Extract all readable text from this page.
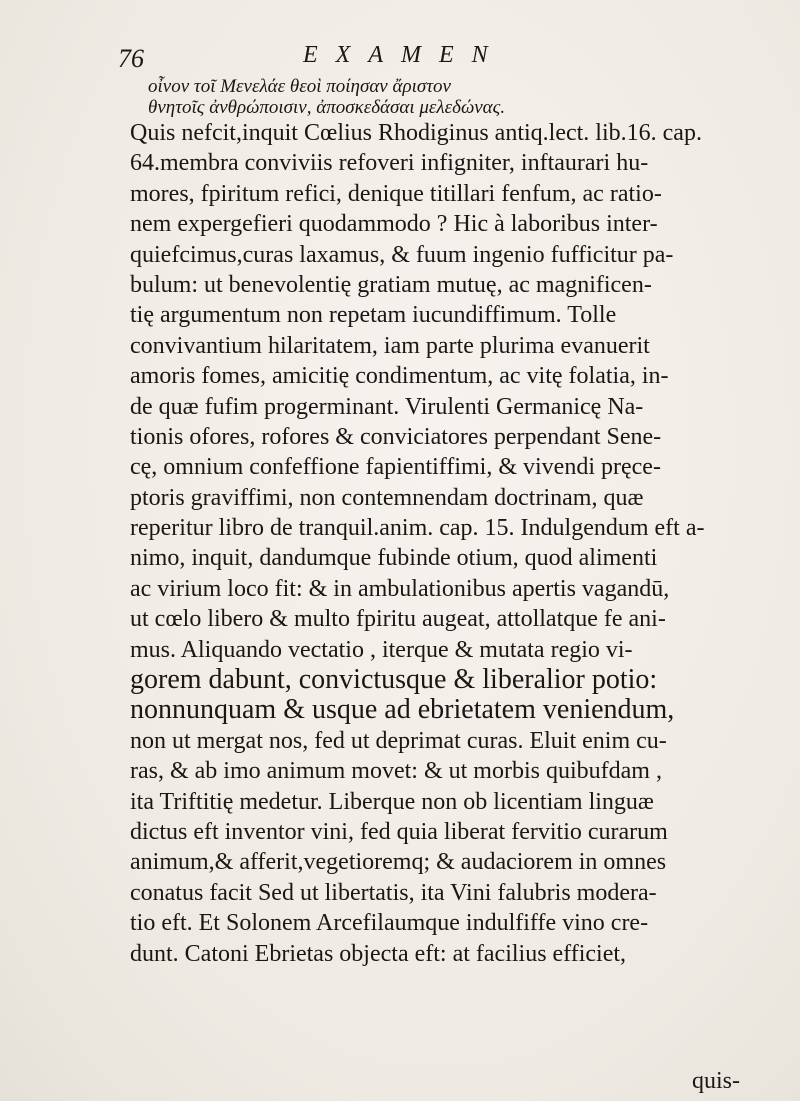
76	EXAMEN
οἶνον τοῖ Μενελάε θεοὶ ποίησαν ἄριστον
θνητοῖς ἀνθρώποισιν, ἀποσκεδάσαι μελεδώνας.
Quis nefcit,inquit Cœlius Rhodiginus antiq.lect. lib.16. cap.
64.membra conviviis refoveri infigniter, inftaurari hu-
mores, fpiritum refici, denique titillari fenfum, ac ratio-
nem expergefieri quodammodo ? Hic à laboribus inter-
quiefcimus,curas laxamus, & fuum ingenio fufficitur pa-
bulum: ut benevolentię gratiam mutuę, ac magnificen-
tię argumentum non repetam iucundiffimum. Tolle
convivantium hilaritatem, iam parte plurima evanuerit
amoris fomes, amicitię condimentum, ac vitę folatia, in-
de quæ fufim progerminant. Virulenti Germanicę Na-
tionis ofores, rofores & conviciatores perpendant Sene-
cę, omnium confeffione fapientiffimi, & vivendi pręce-
ptoris graviffimi, non contemnendam doctrinam, quæ
reperitur libro de tranquil.anim. cap. 15. Indulgendum eft a-
nimo, inquit, dandumque fubinde otium, quod alimenti
ac virium loco fit: & in ambulationibus apertis vagandū,
ut cœlo libero & multo fpiritu augeat, attollatque fe ani-
mus. Aliquando vectatio , iterque & mutata regio vi-
gorem dabunt, convictusque & liberalior potio:
nonnunquam & usque ad ebrietatem veniendum,
non ut mergat nos, fed ut deprimat curas. Eluit enim cu-
ras, & ab imo animum movet: & ut morbis quibufdam ,
ita Triftitię medetur. Liberque non ob licentiam linguæ
dictus eft inventor vini, fed quia liberat fervitio curarum
animum,& afferit,vegetioremq; & audaciorem in omnes
conatus facit Sed ut libertatis, ita Vini falubris modera-
tio eft. Et Solonem Arcefilaumque indulfiffe vino cre-
dunt. Catoni Ebrietas objecta eft: at facilius efficiet,
quis-
